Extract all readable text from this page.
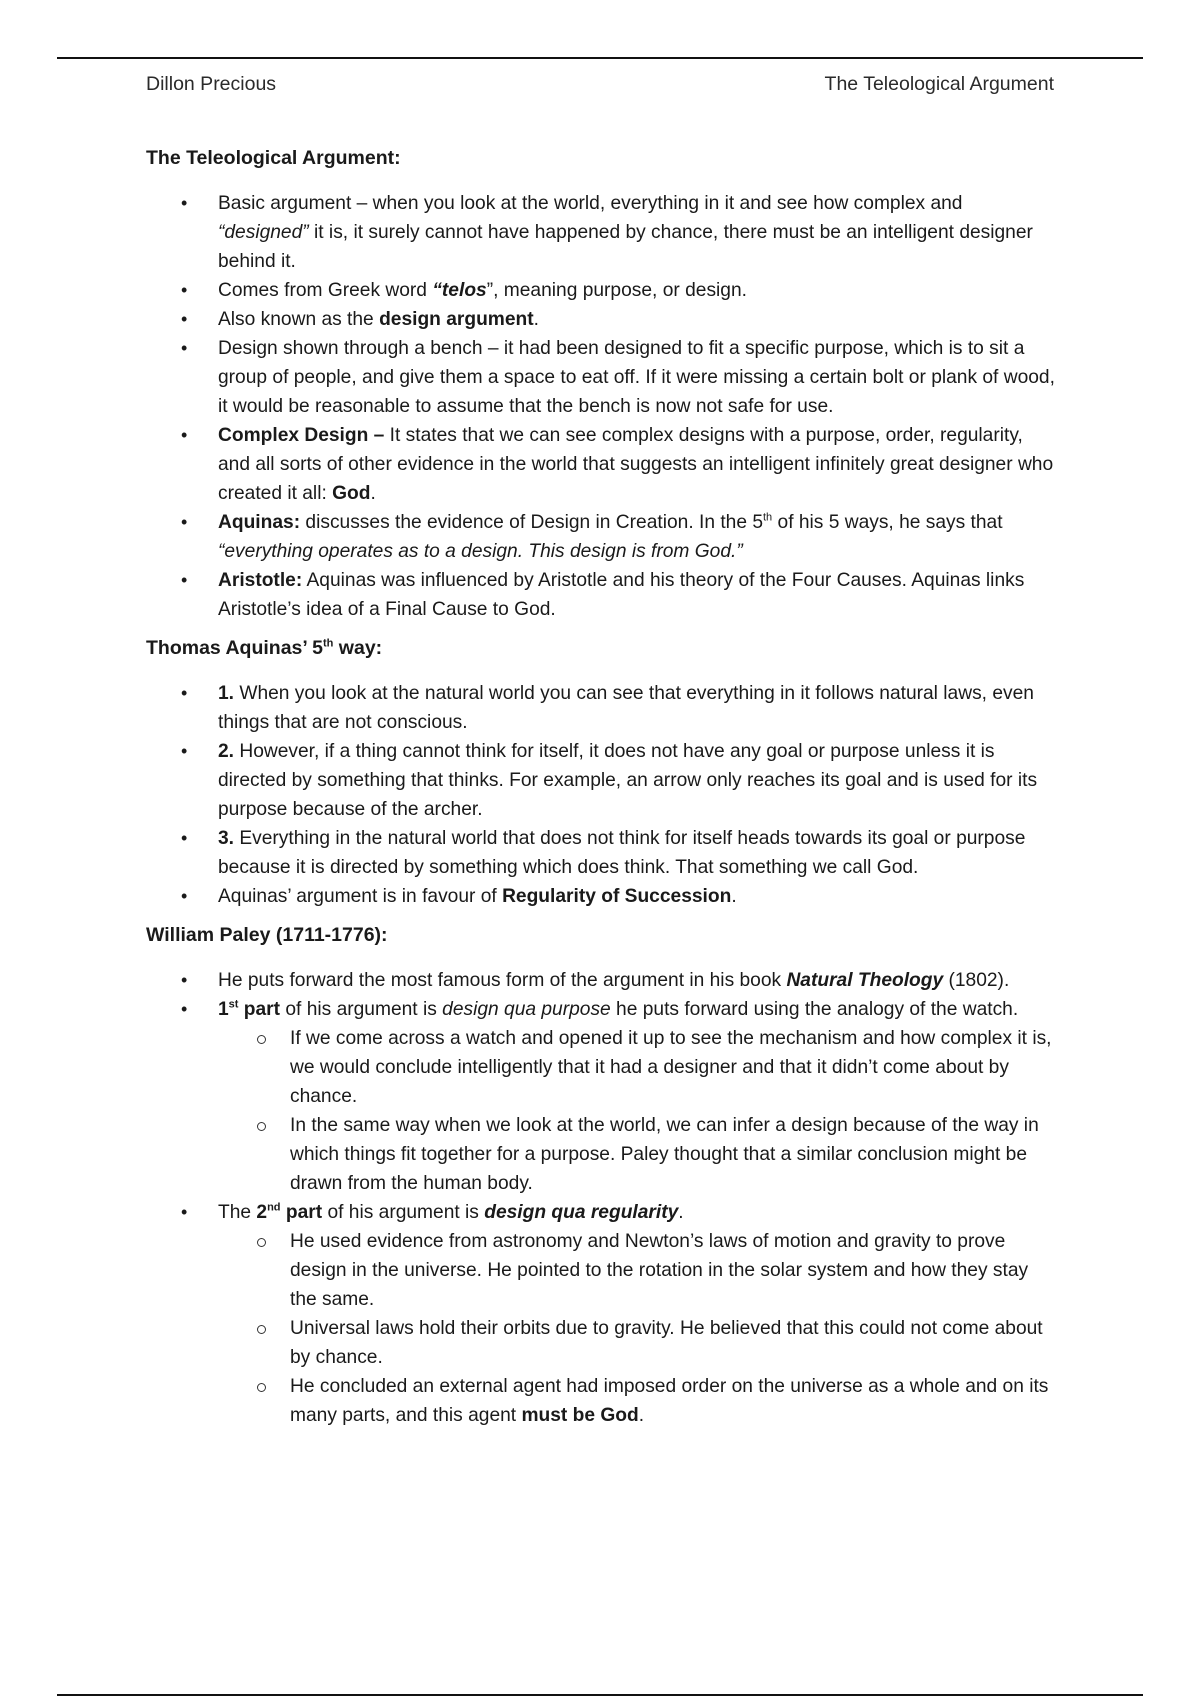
Dillon Precious	The Teleological Argument
The Teleological Argument:
• Basic argument – when you look at the world, everything in it and see how complex and “designed” it is, it surely cannot have happened by chance, there must be an intelligent designer behind it.
• Comes from Greek word “telos”, meaning purpose, or design.
• Also known as the design argument.
• Design shown through a bench – it had been designed to fit a specific purpose, which is to sit a group of people, and give them a space to eat off. If it were missing a certain bolt or plank of wood, it would be reasonable to assume that the bench is now not safe for use.
• Complex Design – It states that we can see complex designs with a purpose, order, regularity, and all sorts of other evidence in the world that suggests an intelligent infinitely great designer who created it all: God.
• Aquinas: discusses the evidence of Design in Creation. In the 5th of his 5 ways, he says that “everything operates as to a design. This design is from God.”
• Aristotle: Aquinas was influenced by Aristotle and his theory of the Four Causes. Aquinas links Aristotle’s idea of a Final Cause to God.
Thomas Aquinas’ 5th way:
• 1. When you look at the natural world you can see that everything in it follows natural laws, even things that are not conscious.
• 2. However, if a thing cannot think for itself, it does not have any goal or purpose unless it is directed by something that thinks. For example, an arrow only reaches its goal and is used for its purpose because of the archer.
• 3. Everything in the natural world that does not think for itself heads towards its goal or purpose because it is directed by something which does think. That something we call God.
• Aquinas’ argument is in favour of Regularity of Succession.
William Paley (1711-1776):
• He puts forward the most famous form of the argument in his book Natural Theology (1802).
• 1st part of his argument is design qua purpose he puts forward using the analogy of the watch.
If we come across a watch and opened it up to see the mechanism and how complex it is, we would conclude intelligently that it had a designer and that it didn’t come about by chance.
In the same way when we look at the world, we can infer a design because of the way in which things fit together for a purpose. Paley thought that a similar conclusion might be drawn from the human body.
• The 2nd part of his argument is design qua regularity.
He used evidence from astronomy and Newton’s laws of motion and gravity to prove design in the universe. He pointed to the rotation in the solar system and how they stay the same.
Universal laws hold their orbits due to gravity. He believed that this could not come about by chance.
He concluded an external agent had imposed order on the universe as a whole and on its many parts, and this agent must be God.
